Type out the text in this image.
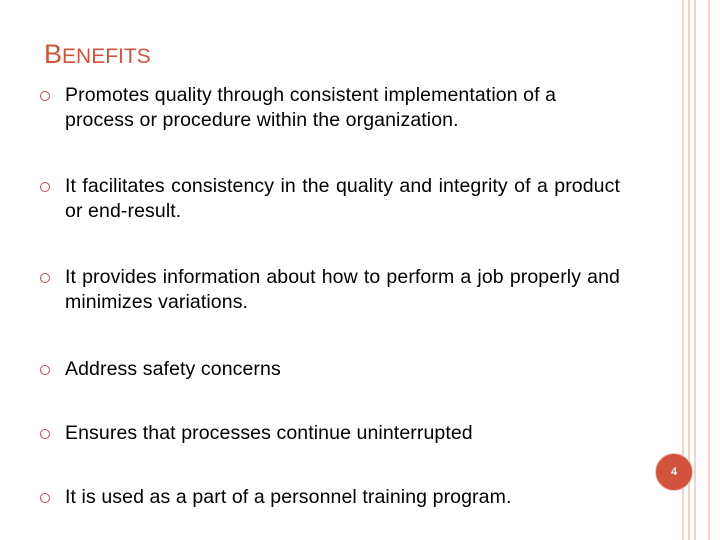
BENEFITS
Promotes quality through consistent implementation of a process or procedure within the organization.
It facilitates consistency in the quality and integrity of a product or end-result.
It provides information about how to perform a job properly and minimizes variations.
Address safety concerns
Ensures that processes continue uninterrupted
It is used as a part of a personnel training program.
4
